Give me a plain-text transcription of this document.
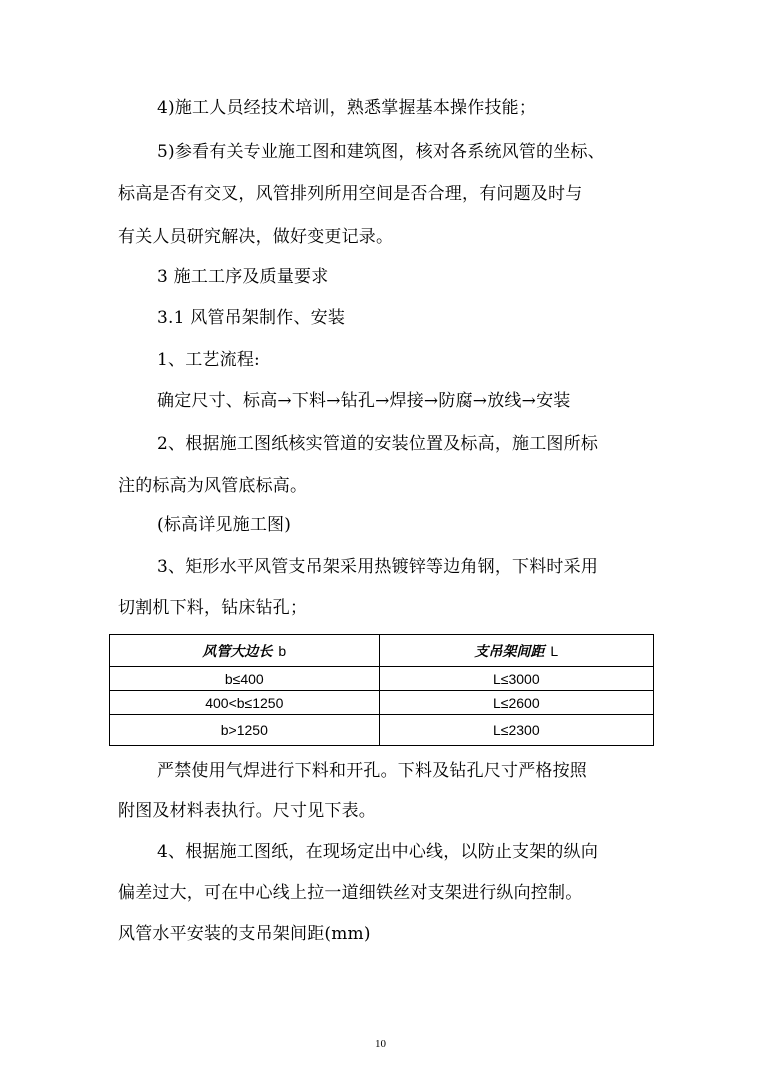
4)施工人员经技术培训，熟悉掌握基本操作技能；
5)参看有关专业施工图和建筑图，核对各系统风管的坐标、
标高是否有交叉，风管排列所用空间是否合理，有问题及时与
有关人员研究解决，做好变更记录。
3 施工工序及质量要求
3.1 风管吊架制作、安装
1、工艺流程:
确定尺寸、标高→下料→钻孔→焊接→防腐→放线→安装
2、根据施工图纸核实管道的安装位置及标高，施工图所标
注的标高为风管底标高。
(标高详见施工图)
3、矩形水平风管支吊架采用热镀锌等边角钢，下料时采用
切割机下料，钻床钻孔；
风管大边长 b	支吊架间距 L
b≤400	L≤3000
400<b≤1250	L≤2600
b>1250	L≤2300
严禁使用气焊进行下料和开孔。下料及钻孔尺寸严格按照
附图及材料表执行。尺寸见下表。
4、根据施工图纸，在现场定出中心线，以防止支架的纵向
偏差过大，可在中心线上拉一道细铁丝对支架进行纵向控制。
风管水平安装的支吊架间距(mm)
10
